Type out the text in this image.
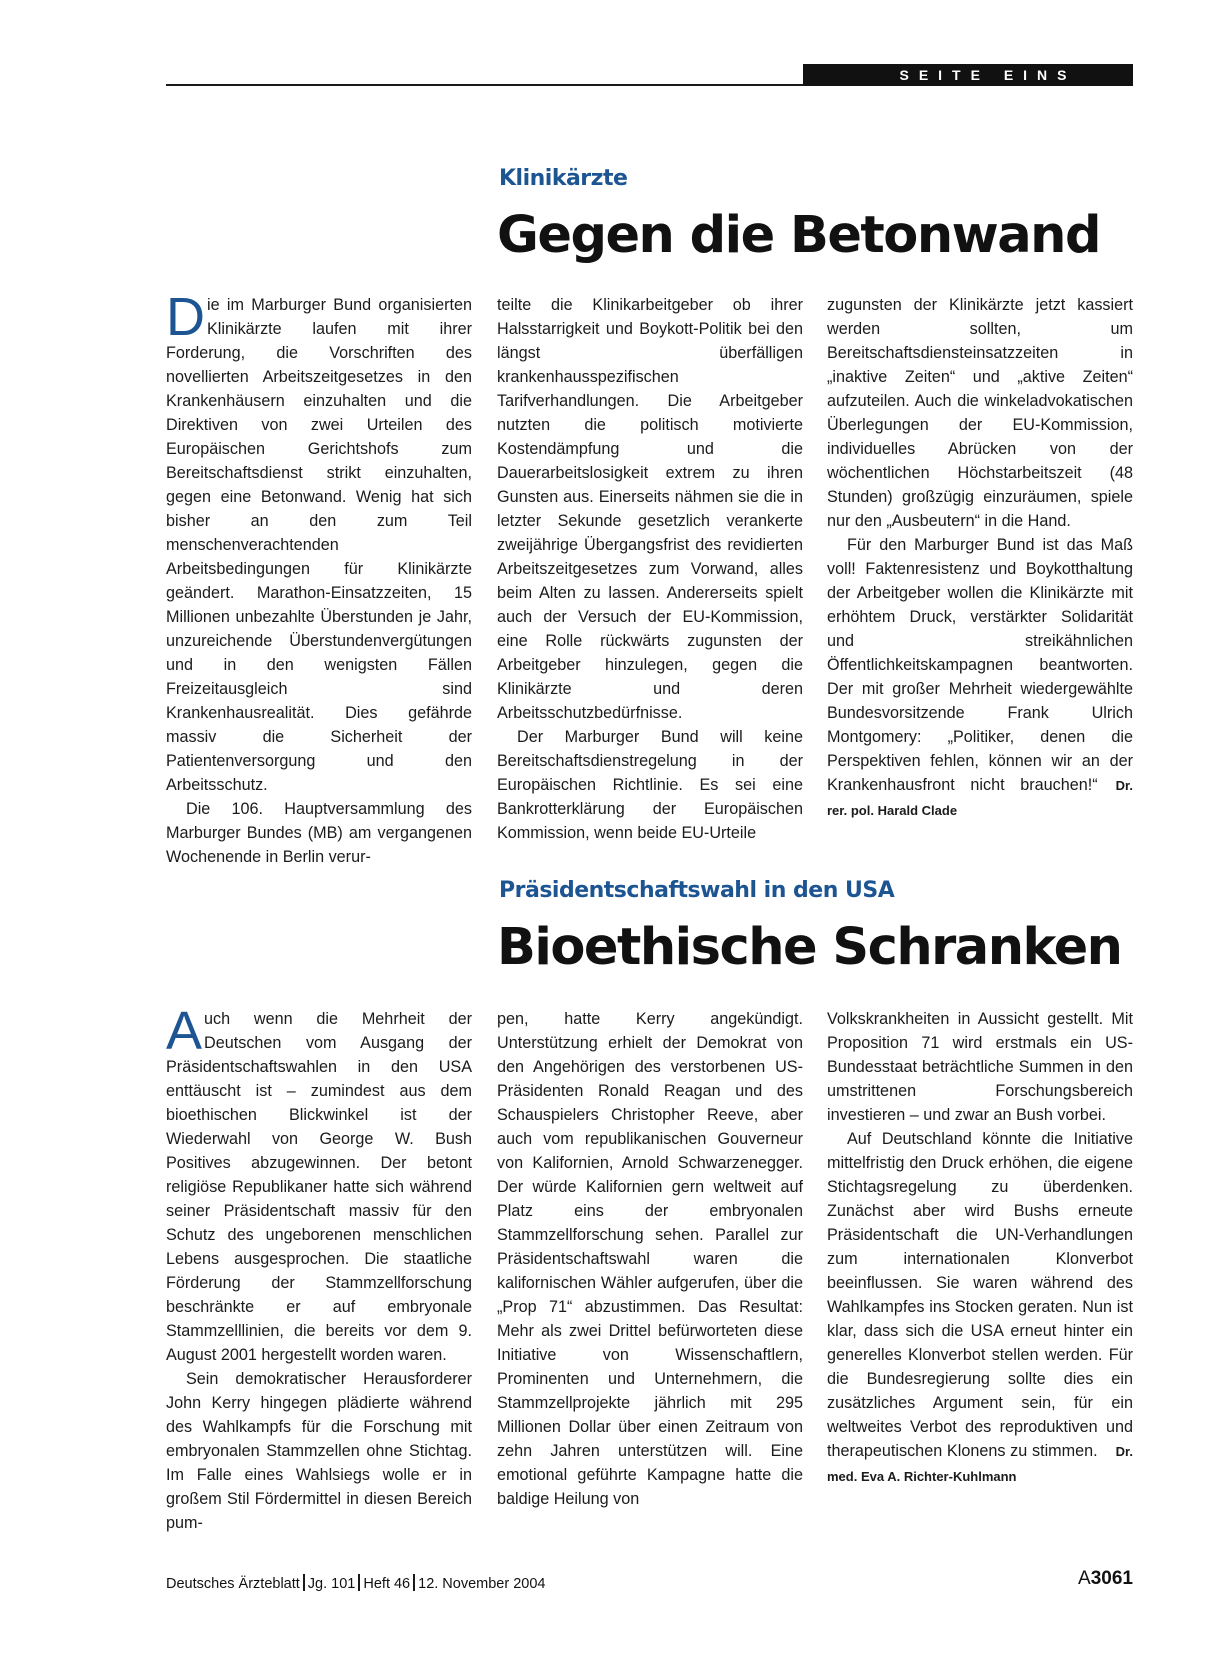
SEITE EINS
Klinikärzte
Gegen die Betonwand

Die im Marburger Bund organisierten Klinikärzte laufen mit ihrer Forderung, die Vorschriften des novellierten Arbeitszeitgesetzes in den Krankenhäusern einzuhalten und die Direktiven von zwei Urteilen des Europäischen Gerichtshofs zum Bereitschaftsdienst strikt einzuhalten, gegen eine Betonwand. Wenig hat sich bisher an den zum Teil menschenverachtenden Arbeitsbedingungen für Klinikärzte geändert. Marathon-Einsatzzeiten, 15 Millionen unbezahlte Überstunden je Jahr, unzureichende Überstundenvergütungen und in den wenigsten Fällen Freizeitausgleich sind Krankenhausrealität. Dies gefährde massiv die Sicherheit der Patientenversorgung und den Arbeitsschutz.

Die 106. Hauptversammlung des Marburger Bundes (MB) am vergangenen Wochenende in Berlin verur-

teilte die Klinikarbeitgeber ob ihrer Halsstarrigkeit und Boykott-Politik bei den längst überfälligen krankenhausspezifischen Tarifverhandlungen. Die Arbeitgeber nutzten die politisch motivierte Kostendämpfung und die Dauerarbeitslosigkeit extrem zu ihren Gunsten aus. Einerseits nähmen sie die in letzter Sekunde gesetzlich verankerte zweijährige Übergangsfrist des revidierten Arbeitszeitgesetzes zum Vorwand, alles beim Alten zu lassen. Andererseits spielt auch der Versuch der EU-Kommission, eine Rolle rückwärts zugunsten der Arbeitgeber hinzulegen, gegen die Klinikärzte und deren Arbeitsschutzbedürfnisse.

Der Marburger Bund will keine Bereitschaftsdienstregelung in der Europäischen Richtlinie. Es sei eine Bankrotterklärung der Europäischen Kommission, wenn beide EU-Urteile

zugunsten der Klinikärzte jetzt kassiert werden sollten, um Bereitschaftsdiensteinsatzzeiten in „inaktive Zeiten“ und „aktive Zeiten“ aufzuteilen. Auch die winkeladvokatischen Überlegungen der EU-Kommission, individuelles Abrücken von der wöchentlichen Höchstarbeitszeit (48 Stunden) großzügig einzuräumen, spiele nur den „Ausbeutern“ in die Hand.

Für den Marburger Bund ist das Maß voll! Faktenresistenz und Boykotthaltung der Arbeitgeber wollen die Klinikärzte mit erhöhtem Druck, verstärkter Solidarität und streikähnlichen Öffentlichkeitskampagnen beantworten. Der mit großer Mehrheit wiedergewählte Bundesvorsitzende Frank Ulrich Montgomery: „Politiker, denen die Perspektiven fehlen, können wir an der Krankenhausfront nicht brauchen!“ Dr. rer. pol. Harald Clade

Präsidentschaftswahl in den USA
Bioethische Schranken

Auch wenn die Mehrheit der Deutschen vom Ausgang der Präsidentschaftswahlen in den USA enttäuscht ist – zumindest aus dem bioethischen Blickwinkel ist der Wiederwahl von George W. Bush Positives abzugewinnen. Der betont religiöse Republikaner hatte sich während seiner Präsidentschaft massiv für den Schutz des ungeborenen menschlichen Lebens ausgesprochen. Die staatliche Förderung der Stammzellforschung beschränkte er auf embryonale Stammzelllinien, die bereits vor dem 9. August 2001 hergestellt worden waren.

Sein demokratischer Herausforderer John Kerry hingegen plädierte während des Wahlkampfs für die Forschung mit embryonalen Stammzellen ohne Stichtag. Im Falle eines Wahlsiegs wolle er in großem Stil Fördermittel in diesen Bereich pum-

pen, hatte Kerry angekündigt. Unterstützung erhielt der Demokrat von den Angehörigen des verstorbenen US-Präsidenten Ronald Reagan und des Schauspielers Christopher Reeve, aber auch vom republikanischen Gouverneur von Kalifornien, Arnold Schwarzenegger. Der würde Kalifornien gern weltweit auf Platz eins der embryonalen Stammzellforschung sehen. Parallel zur Präsidentschaftswahl waren die kalifornischen Wähler aufgerufen, über die „Prop 71“ abzustimmen. Das Resultat: Mehr als zwei Drittel befürworteten diese Initiative von Wissenschaftlern, Prominenten und Unternehmern, die Stammzellprojekte jährlich mit 295 Millionen Dollar über einen Zeitraum von zehn Jahren unterstützen will. Eine emotional geführte Kampagne hatte die baldige Heilung von

Volkskrankheiten in Aussicht gestellt. Mit Proposition 71 wird erstmals ein US-Bundesstaat beträchtliche Summen in den umstrittenen Forschungsbereich investieren – und zwar an Bush vorbei.

Auf Deutschland könnte die Initiative mittelfristig den Druck erhöhen, die eigene Stichtagsregelung zu überdenken. Zunächst aber wird Bushs erneute Präsidentschaft die UN-Verhandlungen zum internationalen Klonverbot beeinflussen. Sie waren während des Wahlkampfes ins Stocken geraten. Nun ist klar, dass sich die USA erneut hinter ein generelles Klonverbot stellen werden. Für die Bundesregierung sollte dies ein zusätzliches Argument sein, für ein weltweites Verbot des reproduktiven und therapeutischen Klonens zu stimmen. Dr. med. Eva A. Richter-Kuhlmann

Deutsches Ärzteblatt Jg. 101 Heft 46 12. November 2004	A3061
